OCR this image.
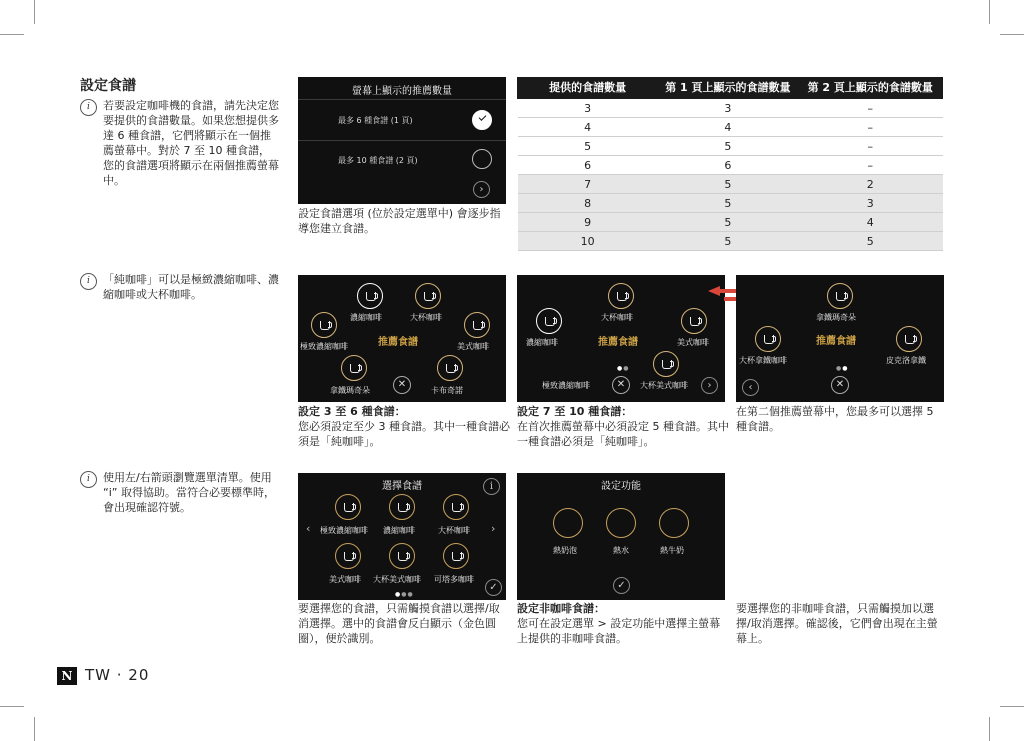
設定食譜
i	若要設定咖啡機的食譜，請先決定您要提供的食譜數量。如果您想提供多達 6 種食譜，它們將顯示在一個推薦螢幕中。對於 7 至 10 種食譜，您的食譜選項將顯示在兩個推薦螢幕中。
i	「純咖啡」可以是極緻濃縮咖啡、濃縮咖啡或大杯咖啡。
i	使用左/右箭頭瀏覽選單清單。使用 “i” 取得協助。當符合必要標準時，會出現確認符號。
螢幕上顯示的推薦數量
最多 6 種食譜 (1 頁)
最多 10 種食譜 (2 頁)
›
設定食譜選項 (位於設定選單中) 會逐步指導您建立食譜。
提供的食譜數量	第 1 頁上顯示的食譜數量	第 2 頁上顯示的食譜數量
3	3	–
4	4	–
5	5	–
6	6	–
7	5	2
8	5	3
9	5	4
10	5	5
濃縮咖啡	大杯咖啡
極致濃縮咖啡	美式咖啡
推薦食譜
拿鐵瑪奇朵	卡布奇諾
✕
設定 3 至 6 種食譜：
您必須設定至少 3 種食譜。其中一種食譜必須是「純咖啡」。
大杯咖啡
濃縮咖啡	美式咖啡
推薦食譜
●●
極致濃縮咖啡	大杯美式咖啡
✕	›
設定 7 至 10 種食譜：
在首次推薦螢幕中必須設定 5 種食譜。其中一種食譜必須是「純咖啡」。
拿鐵瑪奇朵
大杯拿鐵咖啡	皮克洛拿鐵
推薦食譜
●●
‹	✕
在第二個推薦螢幕中，您最多可以選擇 5 種食譜。
選擇食譜	i
‹	›
極致濃縮咖啡 濃縮咖啡	大杯咖啡
美式咖啡 大杯美式咖啡 可塔多咖啡
✓
●●●
要選擇您的食譜，只需觸摸食譜以選擇/取消選擇。選中的食譜會反白顯示（金色圓圈），便於識別。
設定功能
熱奶泡	熱水	熱牛奶
✓
設定非咖啡食譜：
您可在設定選單 > 設定功能中選擇主螢幕上提供的非咖啡食譜。
要選擇您的非咖啡食譜，只需觸摸加以選擇/取消選擇。確認後，它們會出現在主螢幕上。
N TW · 20
